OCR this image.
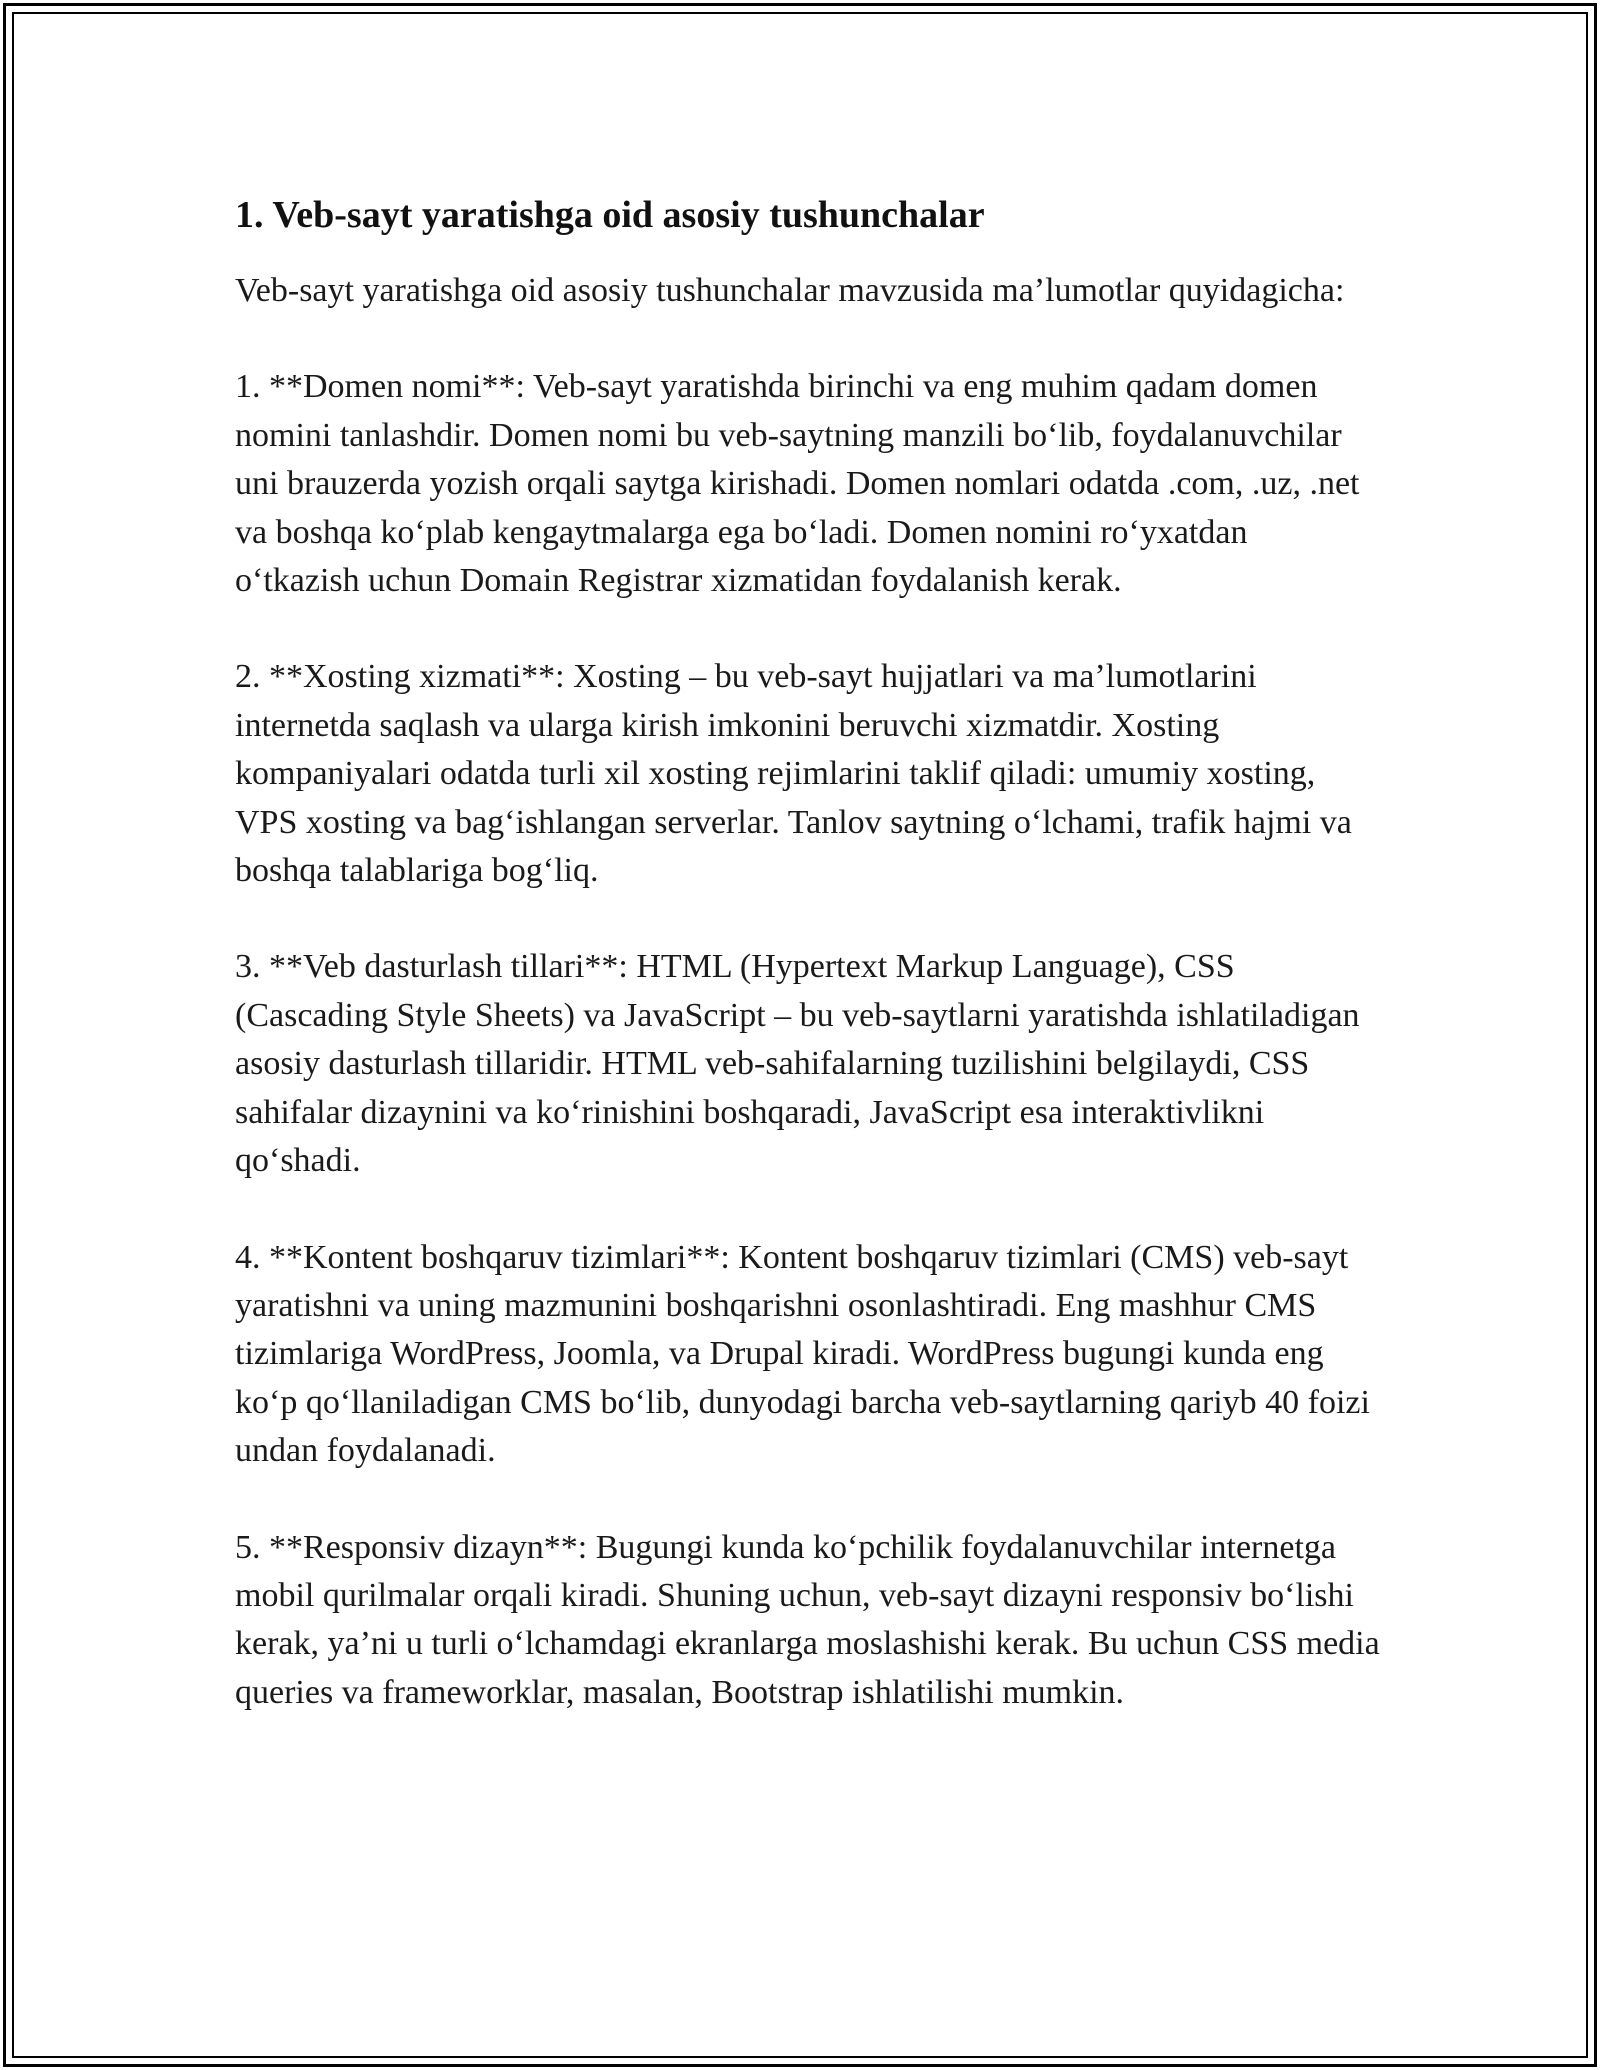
1. Veb-sayt yaratishga oid asosiy tushunchalar

Veb-sayt yaratishga oid asosiy tushunchalar mavzusida ma’lumotlar quyidagicha:

1. **Domen nomi**: Veb-sayt yaratishda birinchi va eng muhim qadam domen nomini tanlashdir. Domen nomi bu veb-saytning manzili bo‘lib, foydalanuvchilar uni brauzerda yozish orqali saytga kirishadi. Domen nomlari odatda .com, .uz, .net va boshqa ko‘plab kengaytmalarga ega bo‘ladi. Domen nomini ro‘yxatdan o‘tkazish uchun Domain Registrar xizmatidan foydalanish kerak.

2. **Xosting xizmati**: Xosting – bu veb-sayt hujjatlari va ma’lumotlarini internetda saqlash va ularga kirish imkonini beruvchi xizmatdir. Xosting kompaniyalari odatda turli xil xosting rejimlarini taklif qiladi: umumiy xosting, VPS xosting va bag‘ishlangan serverlar. Tanlov saytning o‘lchami, trafik hajmi va boshqa talablariga bog‘liq.

3. **Veb dasturlash tillari**: HTML (Hypertext Markup Language), CSS (Cascading Style Sheets) va JavaScript – bu veb-saytlarni yaratishda ishlatiladigan asosiy dasturlash tillaridir. HTML veb-sahifalarning tuzilishini belgilaydi, CSS sahifalar dizaynini va ko‘rinishini boshqaradi, JavaScript esa interaktivlikni qo‘shadi.

4. **Kontent boshqaruv tizimlari**: Kontent boshqaruv tizimlari (CMS) veb-sayt yaratishni va uning mazmunini boshqarishni osonlashtiradi. Eng mashhur CMS tizimlariga WordPress, Joomla, va Drupal kiradi. WordPress bugungi kunda eng ko‘p qo‘llaniladigan CMS bo‘lib, dunyodagi barcha veb-saytlarning qariyb 40 foizi undan foydalanadi.

5. **Responsiv dizayn**: Bugungi kunda ko‘pchilik foydalanuvchilar internetga mobil qurilmalar orqali kiradi. Shuning uchun, veb-sayt dizayni responsiv bo‘lishi kerak, ya’ni u turli o‘lchamdagi ekranlarga moslashishi kerak. Bu uchun CSS media queries va frameworklar, masalan, Bootstrap ishlatilishi mumkin.
